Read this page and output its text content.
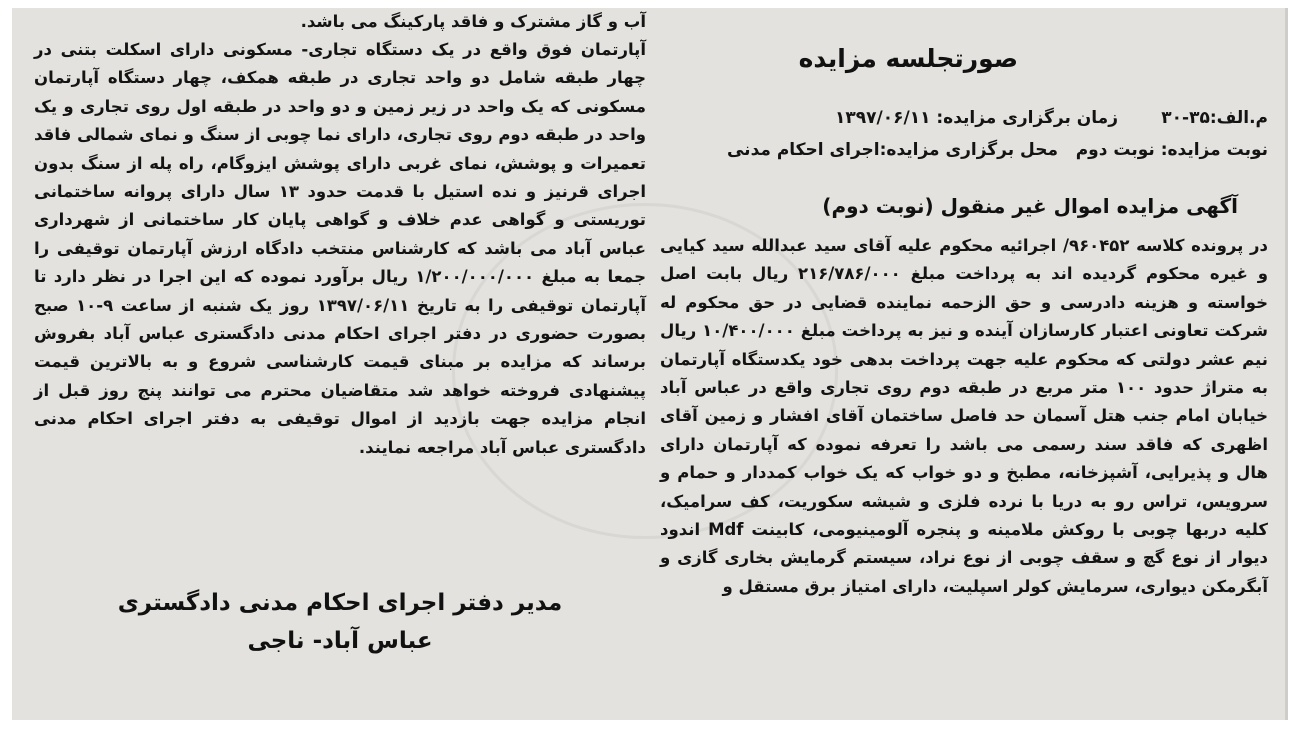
صورتجلسه مزایده
م.الف:۳۵-۳۰
زمان برگزاری مزایده: ۱۳۹۷/۰۶/۱۱
نوبت مزایده: نوبت دوم
محل برگزاری مزایده:اجرای احکام مدنی
آگهی مزایده اموال غیر منقول (نوبت دوم)
در پرونده کلاسه ۹۶۰۴۵۲/ اجرائیه محکوم علیه آقای سید عبدالله سید کیایی و غیره محکوم گردیده اند به پرداخت مبلغ ۲۱۶/۷۸۶/۰۰۰ ریال بابت اصل خواسته و هزینه دادرسی و حق الزحمه نماینده قضایی در حق محکوم له شرکت تعاونی اعتبار کارسازان آینده و نیز به پرداخت مبلغ ۱۰/۴۰۰/۰۰۰ ریال نیم عشر دولتی که محکوم علیه جهت پرداخت بدهی خود یکدستگاه آپارتمان به متراژ حدود ۱۰۰ متر مربع در طبقه دوم روی تجاری واقع در عباس آباد خیابان امام جنب هتل آسمان حد فاصل ساختمان آقای افشار و زمین آقای اظهری که فاقد سند رسمی می باشد را تعرفه نموده که آپارتمان دارای هال و پذیرایی، آشپزخانه، مطبخ و دو خواب که یک خواب کمددار و حمام و سرویس، تراس رو به دریا با نرده فلزی و شیشه سکوریت، کف سرامیک، کلیه دربها چوبی با روکش ملامینه و پنجره آلومینیومی، کابینت Mdf اندود دیوار از نوع گچ و سقف چوبی از نوع نراد، سیستم گرمایش بخاری گازی و آبگرمکن دیواری، سرمایش کولر اسپلیت، دارای امتیاز برق مستقل و
آب و گاز مشترک و فاقد پارکینگ می باشد.
آپارتمان فوق واقع در یک دستگاه تجاری- مسکونی دارای اسکلت بتنی در چهار طبقه شامل دو واحد تجاری در طبقه همکف، چهار دستگاه آپارتمان مسکونی که یک واحد در زیر زمین و دو واحد در طبقه اول روی تجاری و یک واحد در طبقه دوم روی تجاری، دارای نما چوبی از سنگ و نمای شمالی فاقد تعمیرات و پوشش، نمای غربی دارای پوشش ایزوگام، راه پله از سنگ بدون اجرای قرنیز و نده استیل با قدمت حدود ۱۳ سال دارای پروانه ساختمانی توریستی و گواهی عدم خلاف و گواهی پایان کار ساختمانی از شهرداری عباس آباد می باشد که کارشناس منتخب دادگاه ارزش آپارتمان توقیفی را جمعا به مبلغ ۱/۲۰۰/۰۰۰/۰۰۰ ریال برآورد نموده که این اجرا در نظر دارد تا آپارتمان توقیفی را به تاریخ ۱۳۹۷/۰۶/۱۱ روز یک شنبه از ساعت ۹-۱۰ صبح بصورت حضوری در دفتر اجرای احکام مدنی دادگستری عباس آباد بفروش برساند که مزایده بر مبنای قیمت کارشناسی شروع و به بالاترین قیمت پیشنهادی فروخته خواهد شد متقاضیان محترم می توانند پنج روز قبل از انجام مزایده جهت بازدید از اموال توقیفی به دفتر اجرای احکام مدنی دادگستری عباس آباد مراجعه نمایند.
مدیر دفتر اجرای احکام مدنی دادگستری
عباس آباد- ناجی
